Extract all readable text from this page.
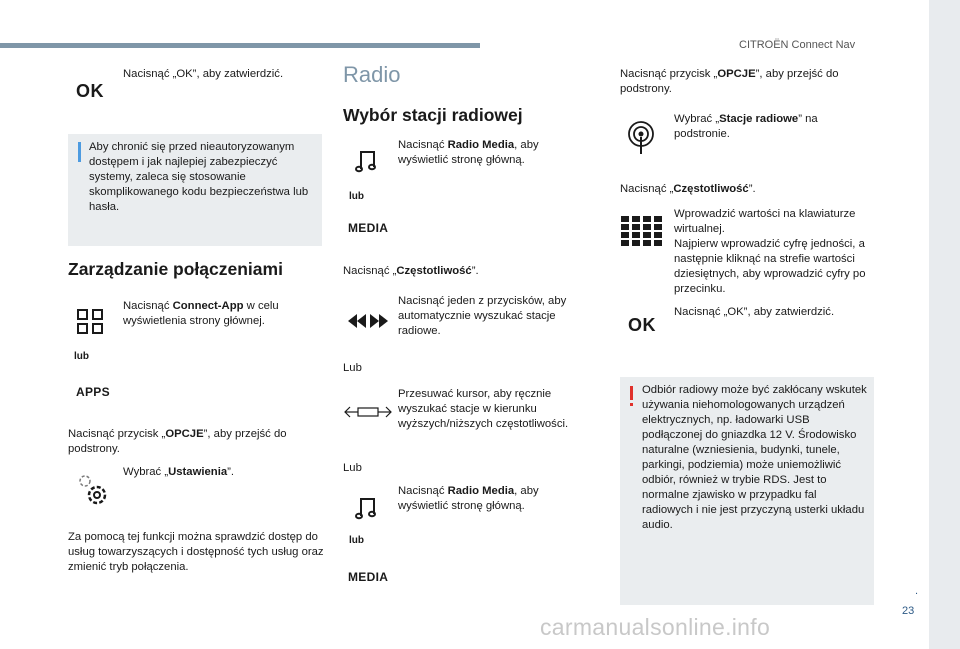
CITROËN Connect Nav
.
23
OK
Nacisnąć „OK”, aby zatwierdzić.
Aby chronić się przed nieautoryzowanym dostępem i jak najlepiej zabezpieczyć systemy, zaleca się stosowanie skomplikowanego kodu bezpieczeństwa lub hasła.
Zarządzanie połączeniami
Nacisnąć Connect-App w celu wyświetlenia strony głównej.
lub
APPS
Nacisnąć przycisk „OPCJE”, aby przejść do podstrony.
Wybrać „Ustawienia”.
Za pomocą tej funkcji można sprawdzić dostęp do usług towarzyszących i dostępność tych usług oraz zmienić tryb połączenia.
Radio
Wybór stacji radiowej
Nacisnąć Radio Media, aby wyświetlić stronę główną.
lub
MEDIA
Nacisnąć „Częstotliwość”.
Nacisnąć jeden z przycisków, aby automatycznie wyszukać stacje radiowe.
Lub
Przesuwać kursor, aby ręcznie wyszukać stacje w kierunku wyższych/niższych częstotliwości.
Lub
Nacisnąć Radio Media, aby wyświetlić stronę główną.
lub
MEDIA
Nacisnąć przycisk „OPCJE”, aby przejść do podstrony.
Wybrać „Stacje radiowe” na podstronie.
Nacisnąć „Częstotliwość”.
Wprowadzić wartości na klawiaturze wirtualnej.
Najpierw wprowadzić cyfrę jedności, a następnie kliknąć na strefie wartości dziesiętnych, aby wprowadzić cyfry po przecinku.
OK
Nacisnąć „OK”, aby zatwierdzić.
Odbiór radiowy może być zakłócany wskutek używania niehomologowanych urządzeń elektrycznych, np. ładowarki USB podłączonej do gniazdka 12 V. Środowisko naturalne (wzniesienia, budynki, tunele, parkingi, podziemia) może uniemożliwić odbiór, również w trybie RDS. Jest to normalne zjawisko w przypadku fal radiowych i nie jest przyczyną usterki układu audio.
carmanualsonline.info
